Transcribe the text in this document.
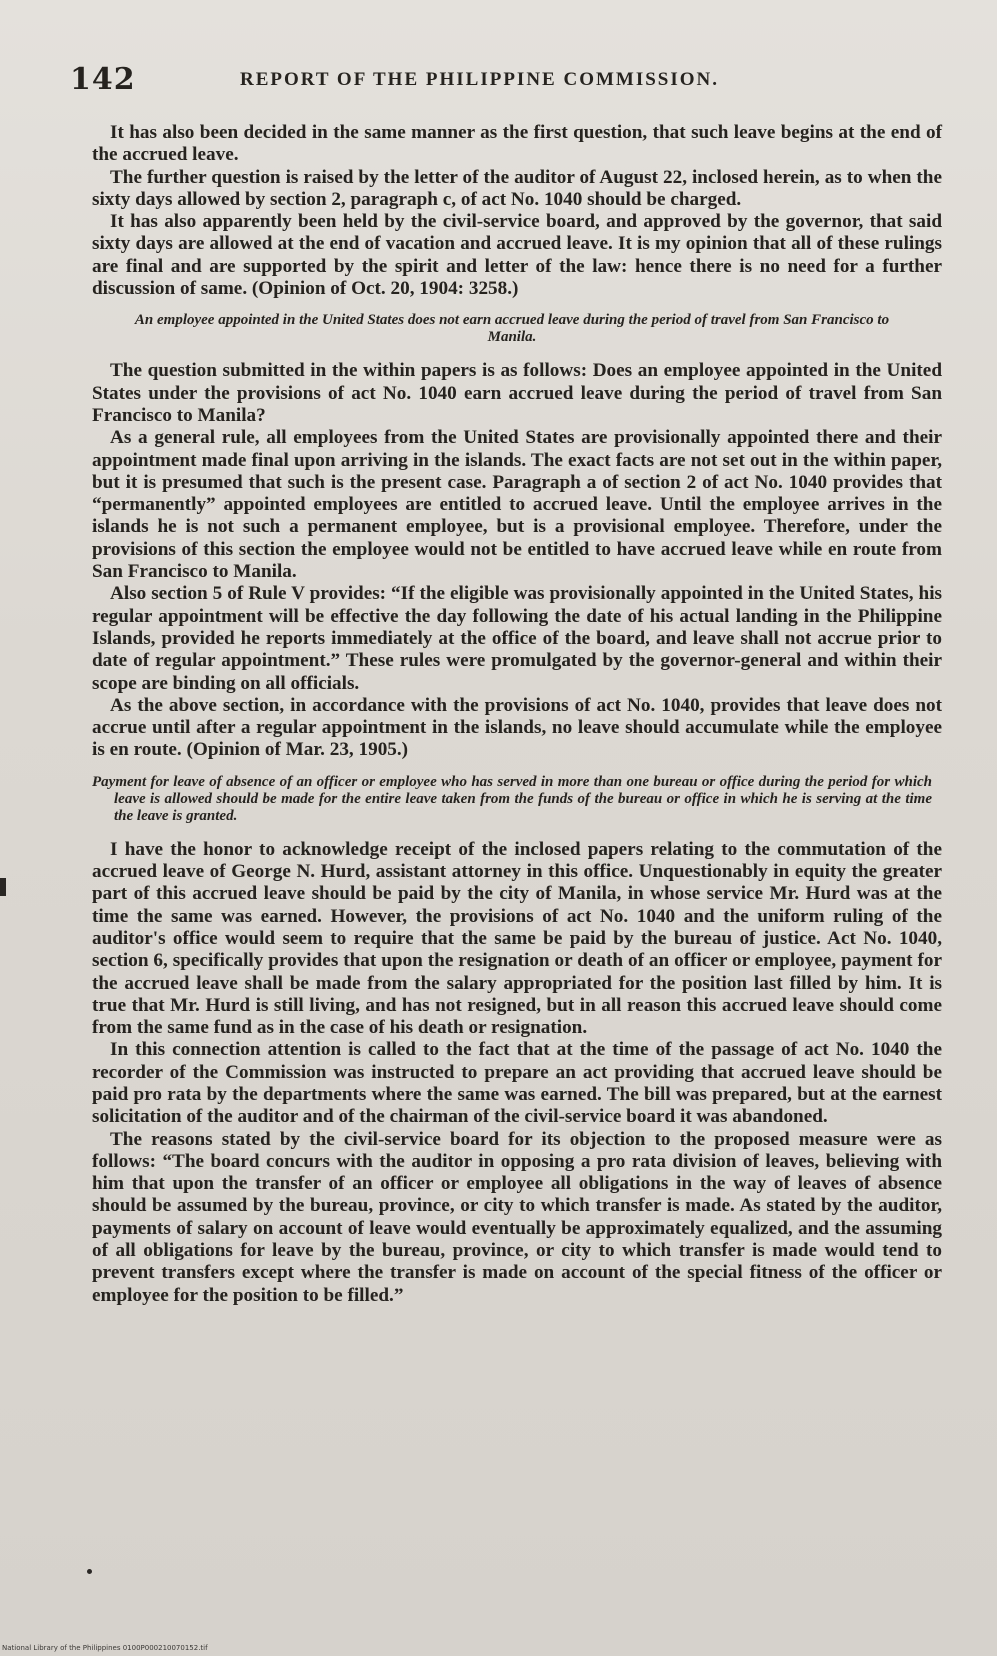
142	REPORT OF THE PHILIPPINE COMMISSION.

It has also been decided in the same manner as the first question, that such leave begins at the end of the accrued leave.

The further question is raised by the letter of the auditor of August 22, inclosed herein, as to when the sixty days allowed by section 2, paragraph c, of act No. 1040 should be charged.

It has also apparently been held by the civil-service board, and approved by the governor, that said sixty days are allowed at the end of vacation and accrued leave. It is my opinion that all of these rulings are final and are supported by the spirit and letter of the law: hence there is no need for a further discussion of same. (Opinion of Oct. 20, 1904: 3258.)

An employee appointed in the United States does not earn accrued leave during the period of travel from San Francisco to Manila.

The question submitted in the within papers is as follows: Does an employee appointed in the United States under the provisions of act No. 1040 earn accrued leave during the period of travel from San Francisco to Manila?

As a general rule, all employees from the United States are provisionally appointed there and their appointment made final upon arriving in the islands. The exact facts are not set out in the within paper, but it is presumed that such is the present case. Paragraph a of section 2 of act No. 1040 provides that “permanently” appointed employees are entitled to accrued leave. Until the employee arrives in the islands he is not such a permanent employee, but is a provisional employee. Therefore, under the provisions of this section the employee would not be entitled to have accrued leave while en route from San Francisco to Manila.

Also section 5 of Rule V provides: “If the eligible was provisionally appointed in the United States, his regular appointment will be effective the day following the date of his actual landing in the Philippine Islands, provided he reports immediately at the office of the board, and leave shall not accrue prior to date of regular appointment.” These rules were promulgated by the governor-general and within their scope are binding on all officials.

As the above section, in accordance with the provisions of act No. 1040, provides that leave does not accrue until after a regular appointment in the islands, no leave should accumulate while the employee is en route. (Opinion of Mar. 23, 1905.)

Payment for leave of absence of an officer or employee who has served in more than one bureau or office during the period for which leave is allowed should be made for the entire leave taken from the funds of the bureau or office in which he is serving at the time the leave is granted.

I have the honor to acknowledge receipt of the inclosed papers relating to the commutation of the accrued leave of George N. Hurd, assistant attorney in this office. Unquestionably in equity the greater part of this accrued leave should be paid by the city of Manila, in whose service Mr. Hurd was at the time the same was earned. However, the provisions of act No. 1040 and the uniform ruling of the auditor's office would seem to require that the same be paid by the bureau of justice. Act No. 1040, section 6, specifically provides that upon the resignation or death of an officer or employee, payment for the accrued leave shall be made from the salary appropriated for the position last filled by him. It is true that Mr. Hurd is still living, and has not resigned, but in all reason this accrued leave should come from the same fund as in the case of his death or resignation.

In this connection attention is called to the fact that at the time of the passage of act No. 1040 the recorder of the Commission was instructed to prepare an act providing that accrued leave should be paid pro rata by the departments where the same was earned. The bill was prepared, but at the earnest solicitation of the auditor and of the chairman of the civil-service board it was abandoned.

The reasons stated by the civil-service board for its objection to the proposed measure were as follows: “The board concurs with the auditor in opposing a pro rata division of leaves, believing with him that upon the transfer of an officer or employee all obligations in the way of leaves of absence should be assumed by the bureau, province, or city to which transfer is made. As stated by the auditor, payments of salary on account of leave would eventually be approximately equalized, and the assuming of all obligations for leave by the bureau, province, or city to which transfer is made would tend to prevent transfers except where the transfer is made on account of the special fitness of the officer or employee for the position to be filled.”

National Library of the Philippines 0100P000210070152.tif
